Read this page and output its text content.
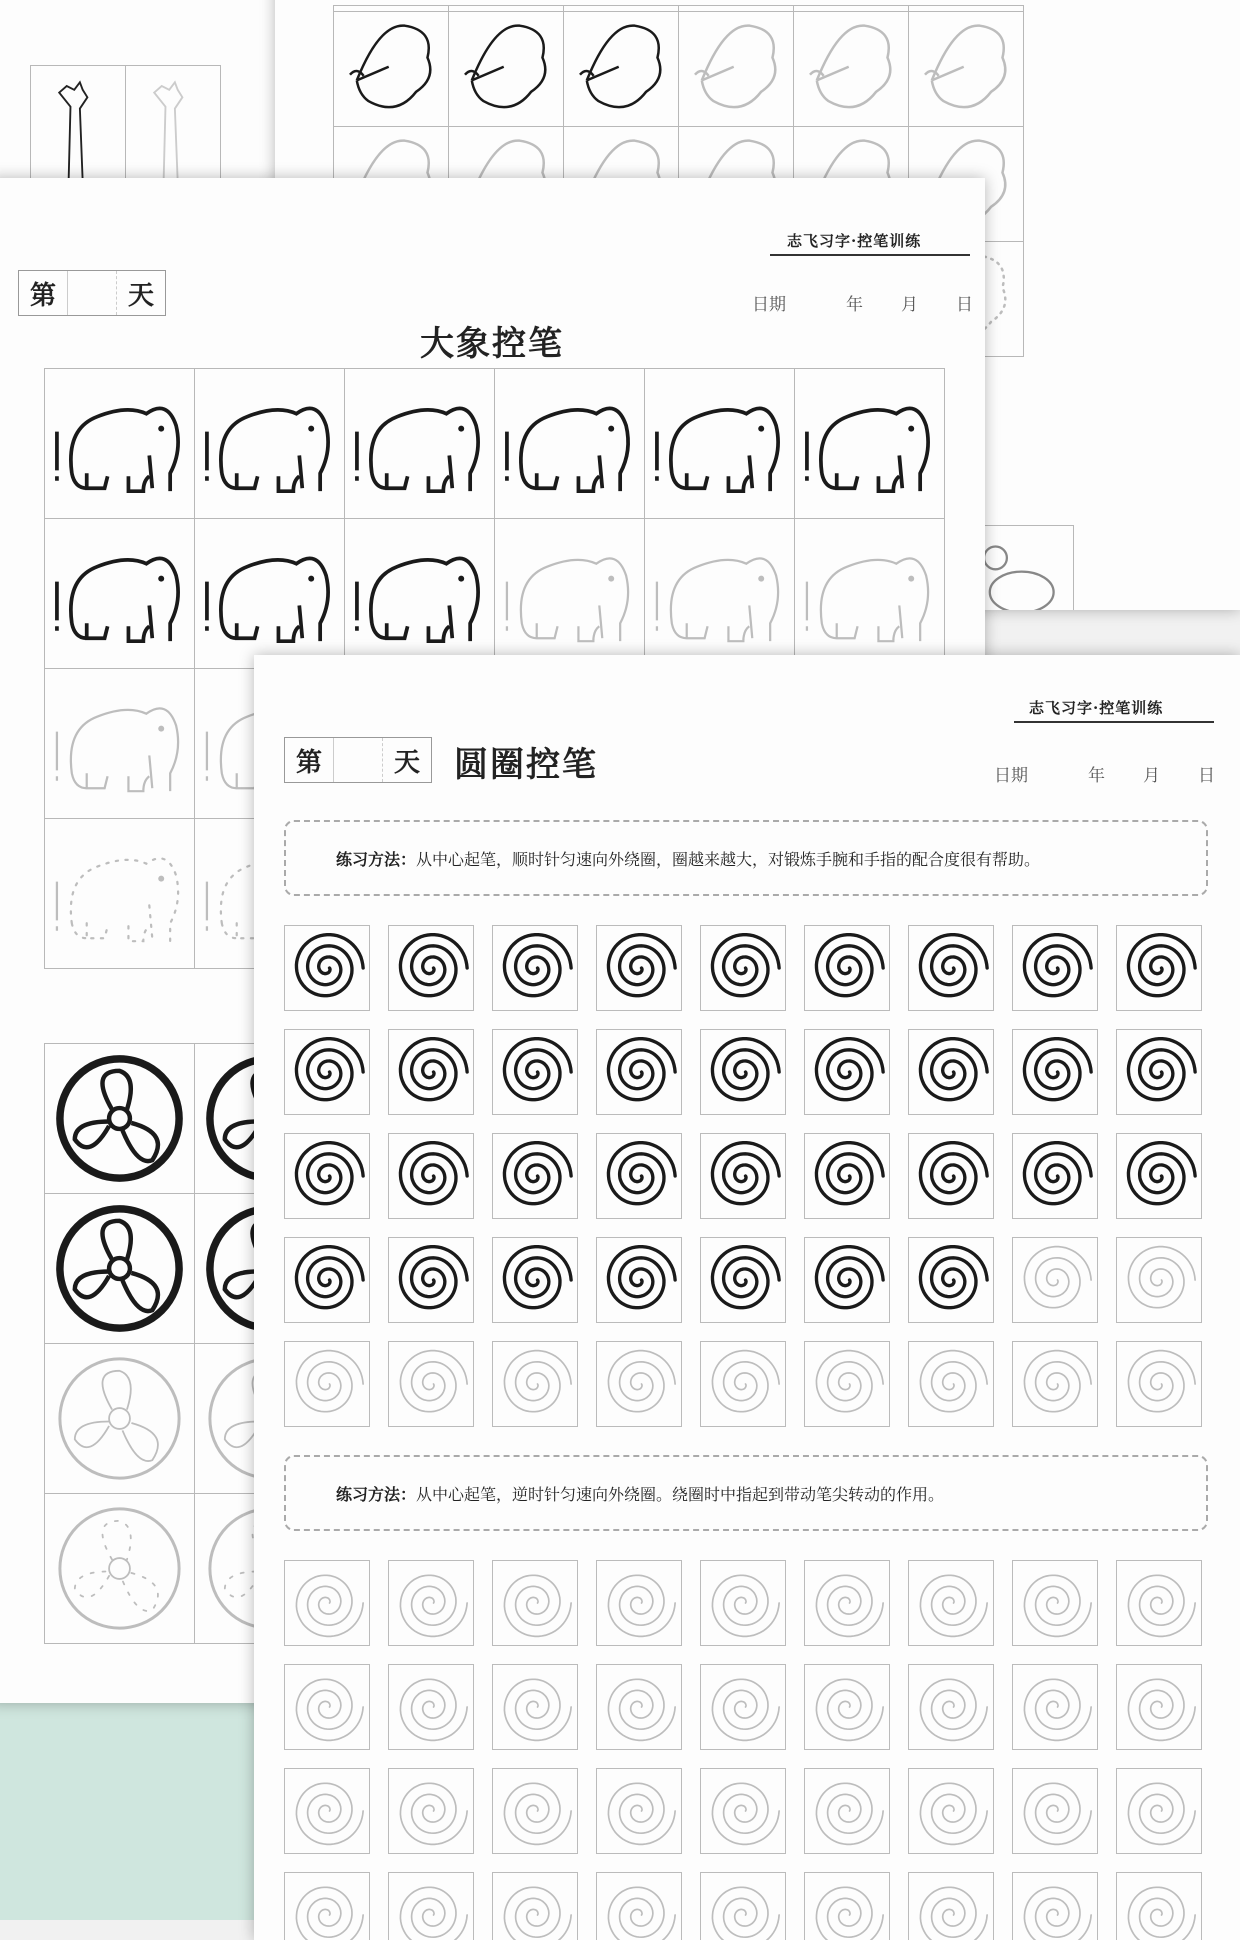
志飞习字·控笔训练
第	天	日期	年 月 日
大象控笔
志飞习字·控笔训练
第	天	圆圈控笔	日期	年 月 日
练习方法： 从中心起笔，顺时针匀速向外绕圈，圈越来越大，对锻炼手腕和手指的配合度很有帮助。
练习方法： 从中心起笔，逆时针匀速向外绕圈。绕圈时中指起到带动笔尖转动的作用。
